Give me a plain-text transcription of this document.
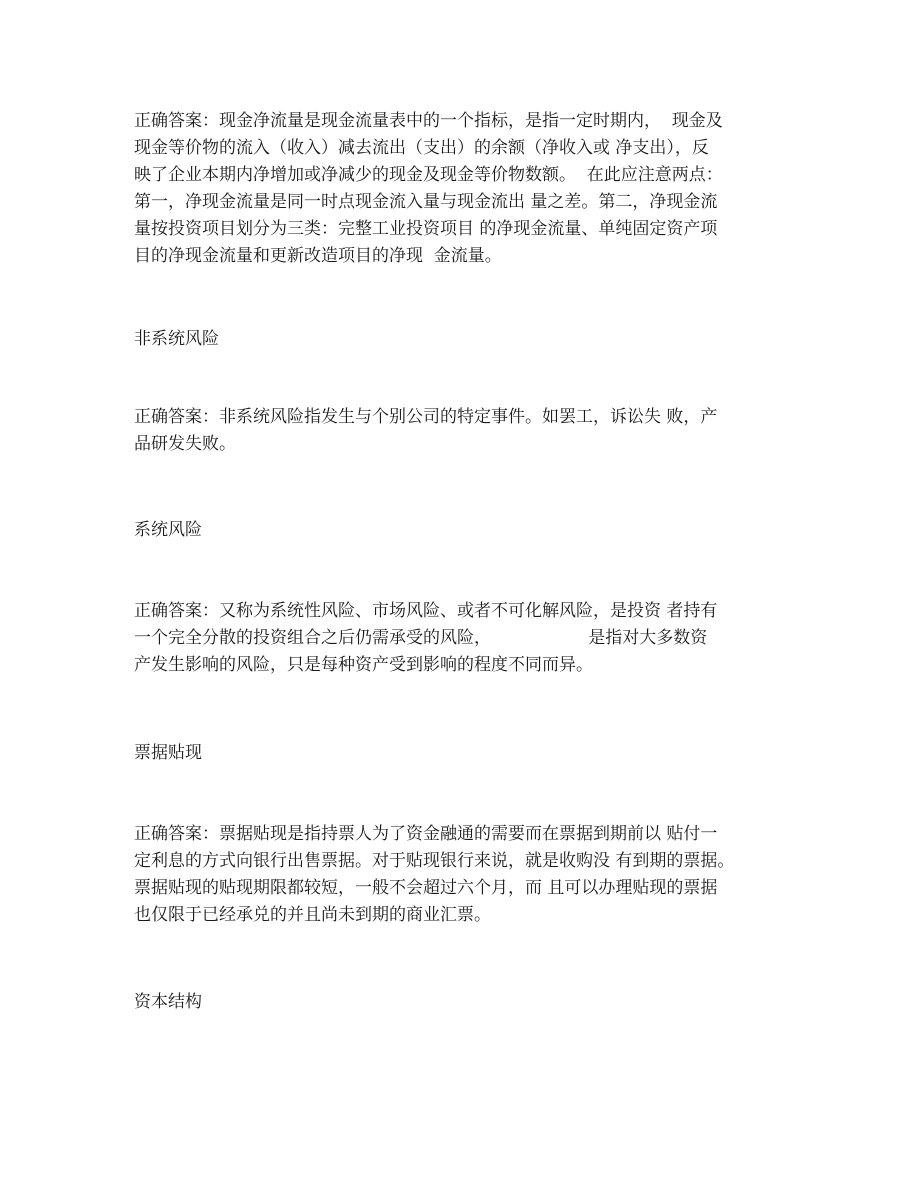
正确答案：现金净流量是现金流量表中的一个指标，是指一定时期内，  现金及
现金等价物的流入（收入）减去流出（支出）的余额（净收入或 净支出），反
映了企业本期内净增加或净减少的现金及现金等价物数额。  在此应注意两点：
第一，净现金流量是同一时点现金流入量与现金流出 量之差。第二，净现金流
量按投资项目划分为三类：完整工业投资项目 的净现金流量、单纯固定资产项
目的净现金流量和更新改造项目的净现  金流量。

非系统风险

正确答案：非系统风险指发生与个别公司的特定事件。如罢工，诉讼失 败，产
品研发失败。

系统风险

正确答案：又称为系统性风险、市场风险、或者不可化解风险，是投资 者持有
一个完全分散的投资组合之后仍需承受的风险，                  是指对大多数资
产发生影响的风险，只是每种资产受到影响的程度不同而异。

票据贴现

正确答案：票据贴现是指持票人为了资金融通的需要而在票据到期前以 贴付一
定利息的方式向银行出售票据。对于贴现银行来说，就是收购没 有到期的票据。
票据贴现的贴现期限都较短，一般不会超过六个月，而 且可以办理贴现的票据
也仅限于已经承兑的并且尚未到期的商业汇票。

资本结构
